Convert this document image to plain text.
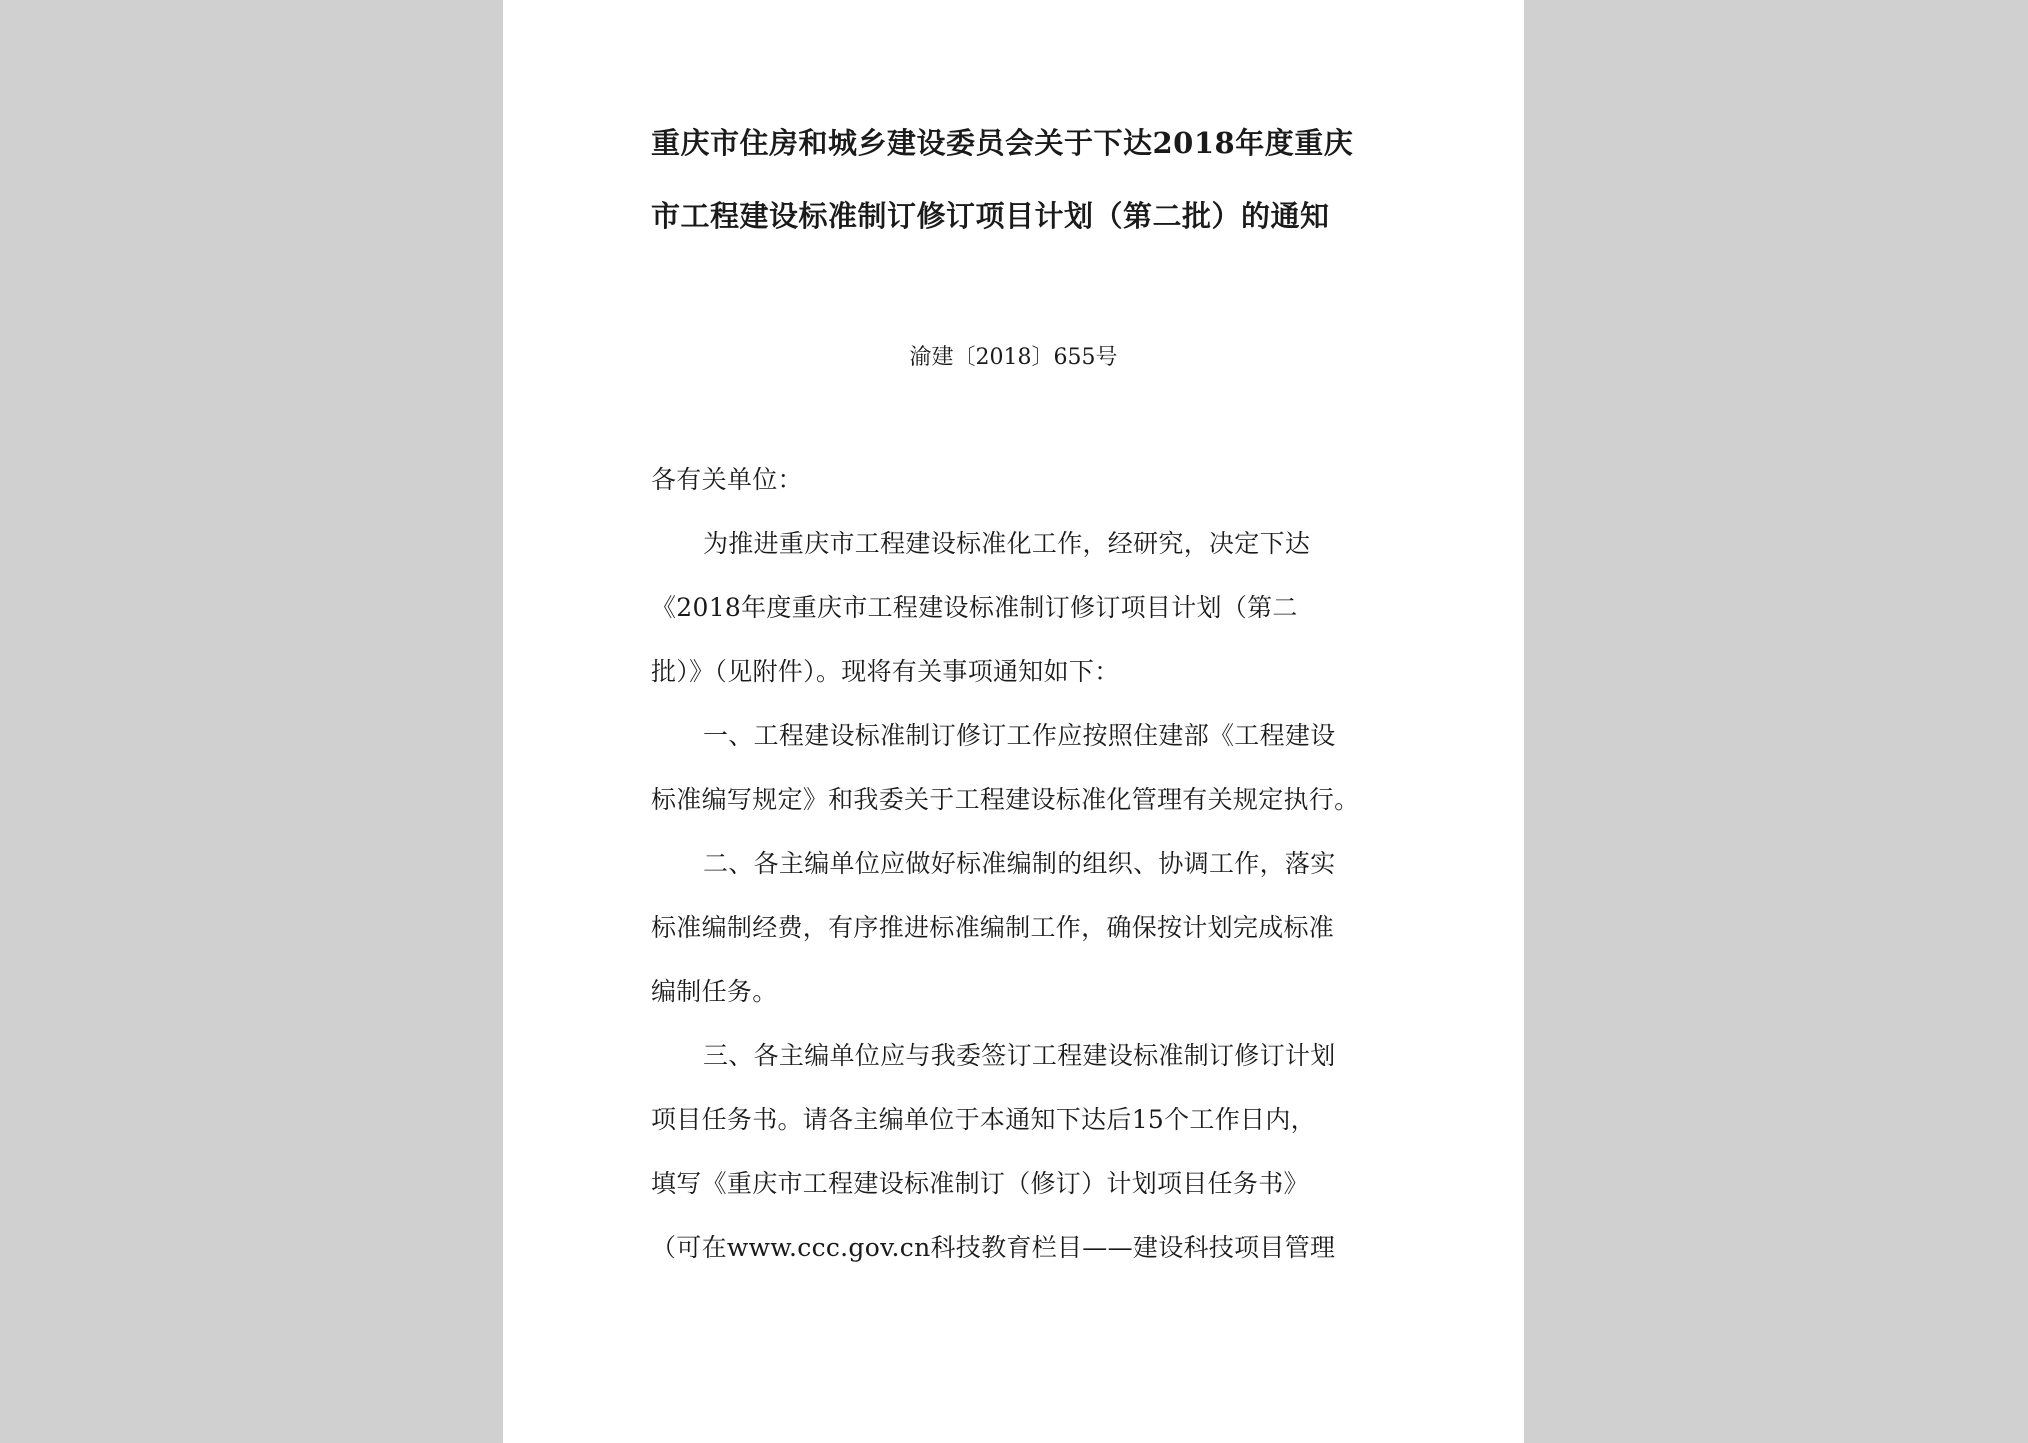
重庆市住房和城乡建设委员会关于下达2018年度重庆
市工程建设标准制订修订项目计划（第二批）的通知
渝建〔2018〕655号
各有关单位：
为推进重庆市工程建设标准化工作，经研究，决定下达
《2018年度重庆市工程建设标准制订修订项目计划（第二
批）》（见附件）。现将有关事项通知如下：
一、工程建设标准制订修订工作应按照住建部《工程建设
标准编写规定》和我委关于工程建设标准化管理有关规定执行。
二、各主编单位应做好标准编制的组织、协调工作，落实
标准编制经费，有序推进标准编制工作，确保按计划完成标准
编制任务。
三、各主编单位应与我委签订工程建设标准制订修订计划
项目任务书。请各主编单位于本通知下达后15个工作日内，
填写《重庆市工程建设标准制订（修订）计划项目任务书》
（可在www.ccc.gov.cn科技教育栏目——建设科技项目管理
